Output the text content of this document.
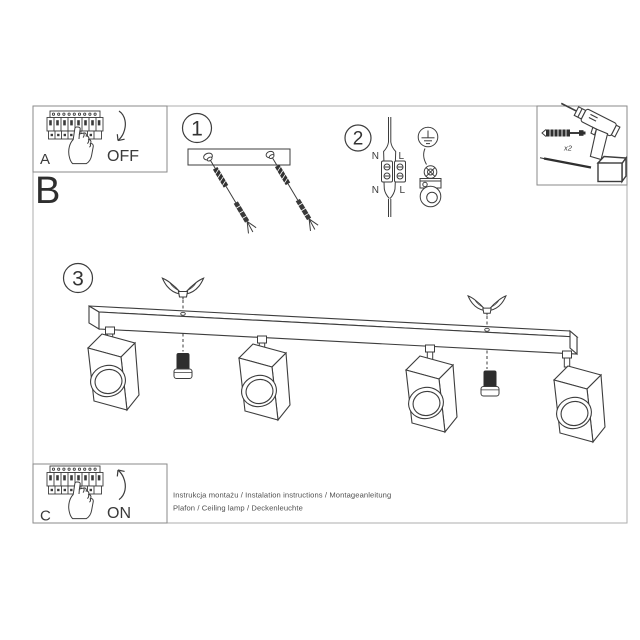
A	OFF
B
1	2
N L
N L
x2
3
C	ON
Instrukcja montażu / Instalation instructions / Montageanleitung
Plafon / Ceiling lamp / Deckenleuchte
